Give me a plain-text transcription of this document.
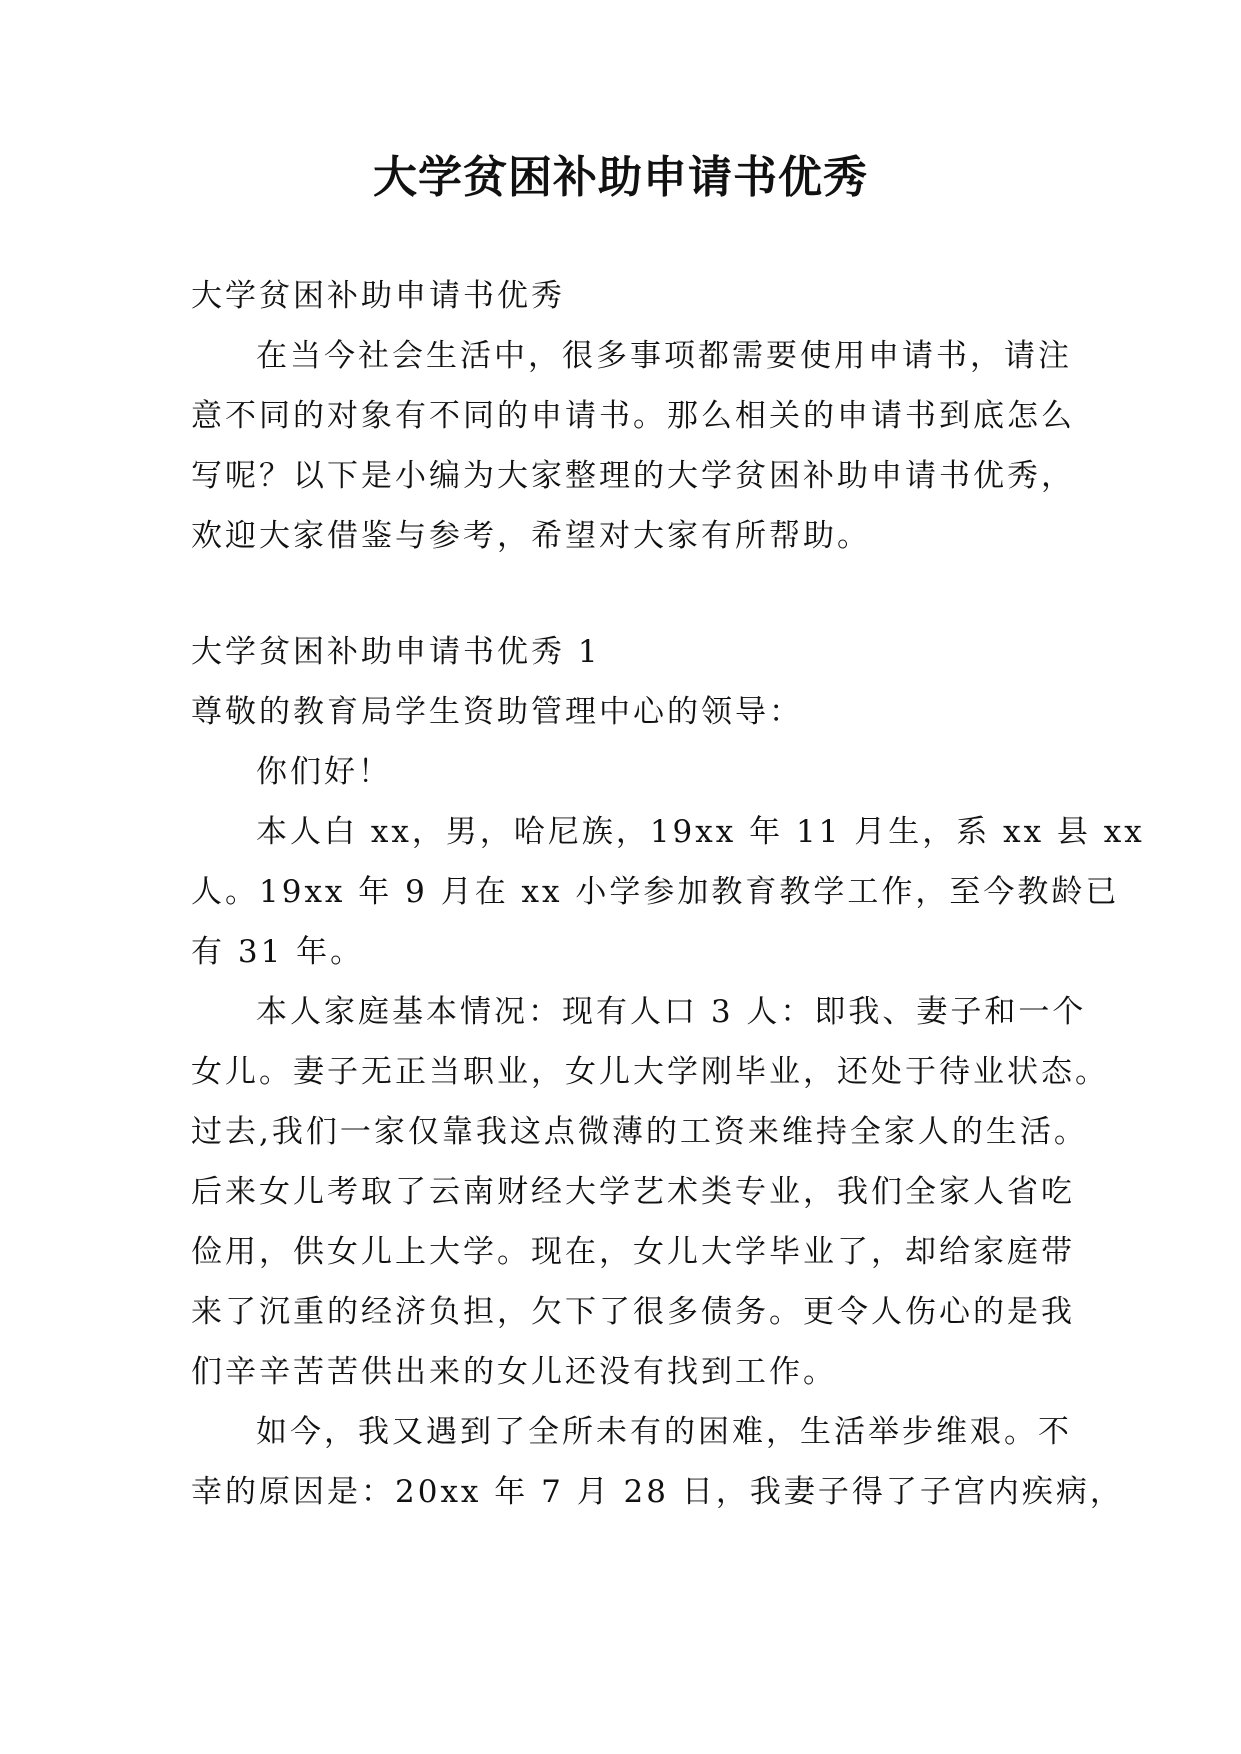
大学贫困补助申请书优秀
大学贫困补助申请书优秀
在当今社会生活中，很多事项都需要使用申请书，请注
意不同的对象有不同的申请书。那么相关的申请书到底怎么
写呢？以下是小编为大家整理的大学贫困补助申请书优秀，
欢迎大家借鉴与参考，希望对大家有所帮助。
大学贫困补助申请书优秀 1
尊敬的教育局学生资助管理中心的领导：
你们好！
本人白 xx，男，哈尼族，19xx 年 11 月生，系 xx 县 xx
人。19xx 年 9 月在 xx 小学参加教育教学工作，至今教龄已
有 31 年。
本人家庭基本情况：现有人口 3 人：即我、妻子和一个
女儿。妻子无正当职业，女儿大学刚毕业，还处于待业状态。
过去,我们一家仅靠我这点微薄的工资来维持全家人的生活。
后来女儿考取了云南财经大学艺术类专业，我们全家人省吃
俭用，供女儿上大学。现在，女儿大学毕业了，却给家庭带
来了沉重的经济负担，欠下了很多债务。更令人伤心的是我
们辛辛苦苦供出来的女儿还没有找到工作。
如今，我又遇到了全所未有的困难，生活举步维艰。不
幸的原因是：20xx 年 7 月 28 日，我妻子得了子宫内疾病，
